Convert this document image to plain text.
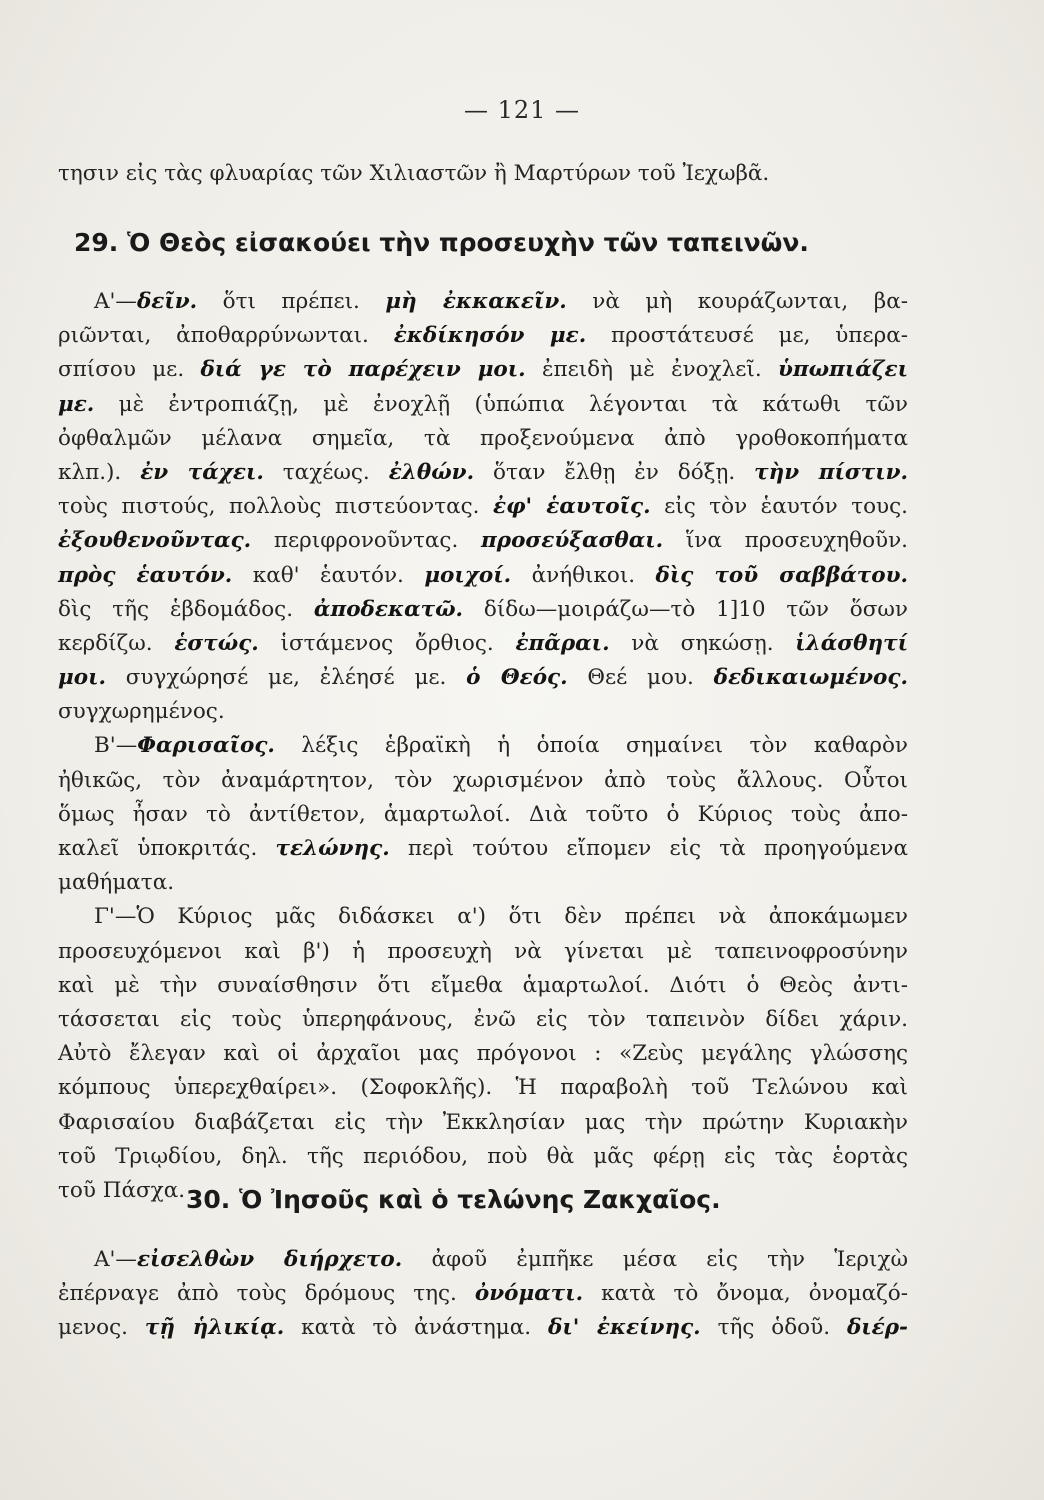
— 121 —
τησιν εἰς τὰς φλυαρίας τῶν Χιλιαστῶν ἢ Μαρτύρων τοῦ Ἰεχωβᾶ.
29. Ὁ Θεὸς εἰσακούει τὴν προσευχὴν τῶν ταπεινῶν.
Α'—δεῖν. ὅτι πρέπει. μὴ ἐκκακεῖν. νὰ μὴ κουράζωνται, βα-
ριῶνται, ἀποθαρρύνωνται. ἐκδίκησόν με. προστάτευσέ με, ὑπερα-
σπίσου με. διά γε τὸ παρέχειν μοι. ἐπειδὴ μὲ ἐνοχλεῖ. ὑπωπιάζει
με. μὲ ἐντροπιάζῃ, μὲ ἐνοχλῇ (ὑπώπια λέγονται τὰ κάτωθι τῶν
ὀφθαλμῶν μέλανα σημεῖα, τὰ προξενούμενα ἀπὸ γροθοκοπήματα
κλπ.). ἐν τάχει. ταχέως. ἐλθών. ὅταν ἔλθῃ ἐν δόξῃ. τὴν πίστιν.
τοὺς πιστούς, πολλοὺς πιστεύοντας. ἐφ' ἑαυτοῖς. εἰς τὸν ἑαυτόν τους.
ἐξουθενοῦντας. περιφρονοῦντας. προσεύξασθαι. ἵνα προσευχηθοῦν.
πρὸς ἑαυτόν. καθ' ἑαυτόν. μοιχοί. ἀνήθικοι. δὶς τοῦ σαββάτου.
δὶς τῆς ἑβδομάδος. ἀποδεκατῶ. δίδω—μοιράζω—τὸ 1]10 τῶν ὅσων
κερδίζω. ἑστώς. ἱστάμενος ὄρθιος. ἐπᾶραι. νὰ σηκώσῃ. ἱλάσθητί
μοι. συγχώρησέ με, ἐλέησέ με. ὁ Θεός. Θεέ μου. δεδικαιωμένος.
συγχωρημένος.
Β'—Φαρισαῖος. λέξις ἑβραϊκὴ ἡ ὁποία σημαίνει τὸν καθαρὸν
ἠθικῶς, τὸν ἀναμάρτητον, τὸν χωρισμένον ἀπὸ τοὺς ἄλλους. Οὗτοι
ὅμως ἦσαν τὸ ἀντίθετον, ἁμαρτωλοί. Διὰ τοῦτο ὁ Κύριος τοὺς ἀπο-
καλεῖ ὑποκριτάς. τελώνης. περὶ τούτου εἴπομεν εἰς τὰ προηγούμενα
μαθήματα.
Γ'—Ὁ Κύριος μᾶς διδάσκει α') ὅτι δὲν πρέπει νὰ ἀποκάμωμεν
προσευχόμενοι καὶ β') ἡ προσευχὴ νὰ γίνεται μὲ ταπεινοφροσύνην
καὶ μὲ τὴν συναίσθησιν ὅτι εἴμεθα ἁμαρτωλοί. Διότι ὁ Θεὸς ἀντι-
τάσσεται εἰς τοὺς ὑπερηφάνους, ἐνῶ εἰς τὸν ταπεινὸν δίδει χάριν.
Αὐτὸ ἔλεγαν καὶ οἱ ἀρχαῖοι μας πρόγονοι : «Ζεὺς μεγάλης γλώσσης
κόμπους ὑπερεχθαίρει». (Σοφοκλῆς). Ἡ παραβολὴ τοῦ Τελώνου καὶ
Φαρισαίου διαβάζεται εἰς τὴν Ἐκκλησίαν μας τὴν πρώτην Κυριακὴν
τοῦ Τριῳδίου, δηλ. τῆς περιόδου, ποὺ θὰ μᾶς φέρῃ εἰς τὰς ἑορτὰς
τοῦ Πάσχα. 30. Ὁ Ἰησοῦς καὶ ὁ τελώνης Ζακχαῖος.
Α'—εἰσελθὼν διήρχετο. ἀφοῦ ἐμπῆκε μέσα εἰς τὴν Ἱεριχὼ
ἐπέρναγε ἀπὸ τοὺς δρόμους της. ὀνόματι. κατὰ τὸ ὄνομα, ὀνομαζό-
μενος. τῇ ἡλικίᾳ. κατὰ τὸ ἀνάστημα. δι' ἐκείνης. τῆς ὁδοῦ. διέρ-
